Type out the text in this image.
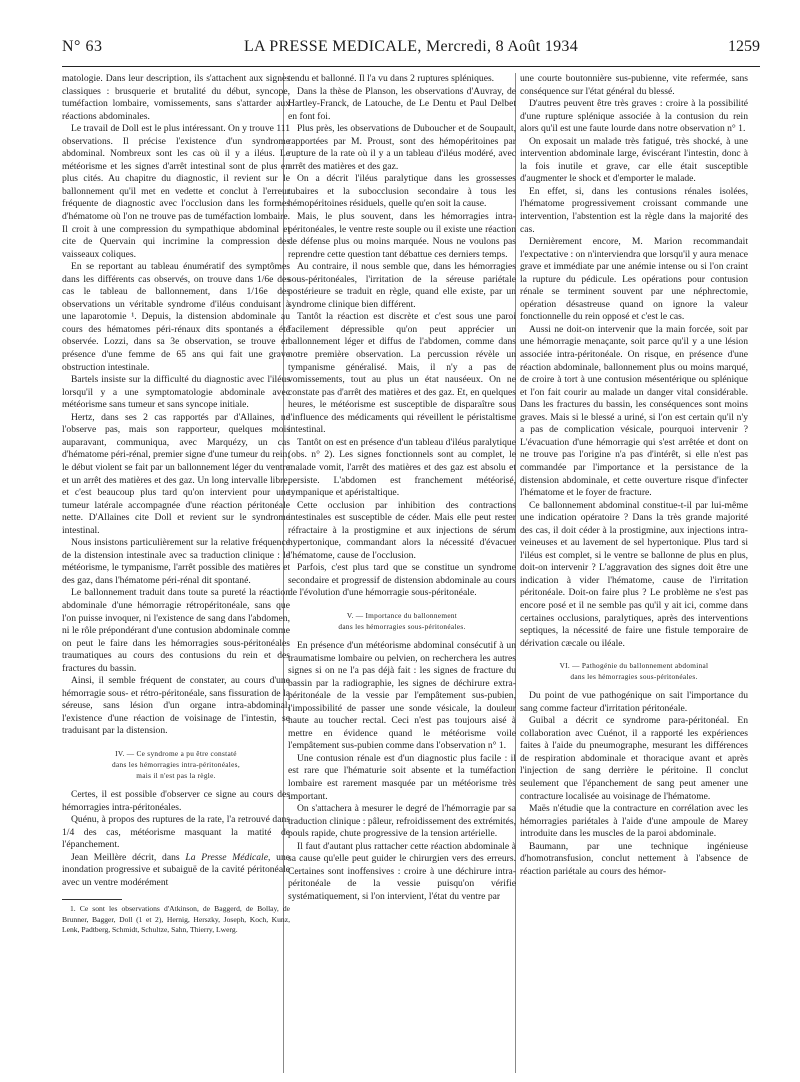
N° 63	LA PRESSE MEDICALE, Mercredi, 8 Août 1934	1259

matologie. Dans leur description, ils s'attachent aux signes classiques : brusquerie et brutalité du début, syncope, tuméfaction lombaire, vomissements, sans s'attarder aux réactions abdominales.

Le travail de Doll est le plus intéressant. On y trouve 111 observations. Il précise l'existence d'un syndrome abdominal. Nombreux sont les cas où il y a iléus. Le météorisme et les signes d'arrêt intestinal sont de plus en plus cités. Au chapitre du diagnostic, il revient sur le ballonnement qu'il met en vedette et conclut à l'erreur fréquente de diagnostic avec l'occlusion dans les formes d'hématome où l'on ne trouve pas de tuméfaction lombaire. Il croit à une compression du sympathique abdominal et cite de Quervain qui incrimine la compression des vaisseaux coliques.

En se reportant au tableau énumératif des symptômes dans les différents cas observés, on trouve dans 1/6e des cas le tableau de ballonnement, dans 1/16e des observations un véritable syndrome d'iléus conduisant à une laparotomie ¹. Depuis, la distension abdominale au cours des hématomes péri-rénaux dits spontanés a été observée. Lozzi, dans sa 3e observation, se trouve en présence d'une femme de 65 ans qui fait une grave obstruction intestinale.

Bartels insiste sur la difficulté du diagnostic avec l'iléus lorsqu'il y a une symptomatologie abdominale avec météorisme sans tumeur et sans syncope initiale.

Hertz, dans ses 2 cas rapportés par d'Allaines, ne l'observe pas, mais son rapporteur, quelques mois auparavant, communiqua, avec Marquézy, un cas d'hématome péri-rénal, premier signe d'une tumeur du rein; le début violent se fait par un ballonnement léger du ventre et un arrêt des matières et des gaz. Un long intervalle libre, et c'est beaucoup plus tard qu'on intervient pour une tumeur latérale accompagnée d'une réaction péritonéale nette. D'Allaines cite Doll et revient sur le syndrome intestinal.

Nous insistons particulièrement sur la relative fréquence de la distension intestinale avec sa traduction clinique : le météorisme, le tympanisme, l'arrêt possible des matières et des gaz, dans l'hématome péri-rénal dit spontané.

Le ballonnement traduit dans toute sa pureté la réaction abdominale d'une hémorragie rétropéritonéale, sans que l'on puisse invoquer, ni l'existence de sang dans l'abdomen, ni le rôle prépondérant d'une contusion abdominale comme on peut le faire dans les hémorragies sous-péritonéales traumatiques au cours des contusions du rein et des fractures du bassin.

Ainsi, il semble fréquent de constater, au cours d'une hémorragie sous- et rétro-péritonéale, sans fissuration de la séreuse, sans lésion d'un organe intra-abdominal, l'existence d'une réaction de voisinage de l'intestin, se traduisant par la distension.

IV. — Ce syndrome a pu être constaté
dans les hémorragies intra-péritonéales,
mais il n'est pas la règle.

Certes, il est possible d'observer ce signe au cours des hémorragies intra-péritonéales.

Quénu, à propos des ruptures de la rate, l'a retrouvé dans 1/4 des cas, météorisme masquant la matité de l'épanchement.

Jean Meillère décrit, dans La Presse Médicale, une inondation progressive et subaiguë de la cavité péritonéale avec un ventre modérément

1. Ce sont les observations d'Atkinson, de Baggerd, de Bollay, de Brunner, Bagger, Doll (1 et 2), Hernig, Herszky, Joseph, Koch, Kunz, Lenk, Padtberg, Schmidt, Schultze, Sahn, Thierry, Lwerg.

tendu et ballonné. Il l'a vu dans 2 ruptures spléniques.

Dans la thèse de Planson, les observations d'Auvray, de Hartley-Franck, de Latouche, de Le Dentu et Paul Delbet en font foi.

Plus près, les observations de Duboucher et de Soupault, rapportées par M. Proust, sont des hémopéritoines par rupture de la rate où il y a un tableau d'iléus modéré, avec arrêt des matières et des gaz.

On a décrit l'iléus paralytique dans les grossesses tubaires et la subocclusion secondaire à tous les hémopéritoines résiduels, quelle qu'en soit la cause.

Mais, le plus souvent, dans les hémorragies intra-péritonéales, le ventre reste souple ou il existe une réaction de défense plus ou moins marquée. Nous ne voulons pas reprendre cette question tant débattue ces derniers temps.

Au contraire, il nous semble que, dans les hémorragies sous-péritonéales, l'irritation de la séreuse pariétale postérieure se traduit en règle, quand elle existe, par un syndrome clinique bien différent.

Tantôt la réaction est discrète et c'est sous une paroi facilement dépressible qu'on peut apprécier un ballonnement léger et diffus de l'abdomen, comme dans notre première observation. La percussion révèle un tympanisme généralisé. Mais, il n'y a pas de vomissements, tout au plus un état nauséeux. On ne constate pas d'arrêt des matières et des gaz. Et, en quelques heures, le météorisme est susceptible de disparaître sous l'influence des médicaments qui réveillent le péristaltisme intestinal.

Tantôt on est en présence d'un tableau d'iléus paralytique (obs. n° 2). Les signes fonctionnels sont au complet, le malade vomit, l'arrêt des matières et des gaz est absolu et persiste. L'abdomen est franchement météorisé, tympanique et apéristaltique.

Cette occlusion par inhibition des contractions intestinales est susceptible de céder. Mais elle peut rester réfractaire à la prostigmine et aux injections de sérum hypertonique, commandant alors la nécessité d'évacuer l'hématome, cause de l'occlusion.

Parfois, c'est plus tard que se constitue un syndrome secondaire et progressif de distension abdominale au cours de l'évolution d'une hémorragie sous-péritonéale.

V. — Importance du ballonnement
dans les hémorragies sous-péritonéales.

En présence d'un météorisme abdominal consécutif à un traumatisme lombaire ou pelvien, on recherchera les autres signes si on ne l'a pas déjà fait : les signes de fracture du bassin par la radiographie, les signes de déchirure extra-péritonéale de la vessie par l'empâtement sus-pubien, l'impossibilité de passer une sonde vésicale, la douleur haute au toucher rectal. Ceci n'est pas toujours aisé à mettre en évidence quand le météorisme voile l'empâtement sus-pubien comme dans l'observation n° 1.

Une contusion rénale est d'un diagnostic plus facile : il est rare que l'hématurie soit absente et la tuméfaction lombaire est rarement masquée par un météorisme très important.

On s'attachera à mesurer le degré de l'hémorragie par sa traduction clinique : pâleur, refroidissement des extrémités, pouls rapide, chute progressive de la tension artérielle.

Il faut d'autant plus rattacher cette réaction abdominale à sa cause qu'elle peut guider le chirurgien vers des erreurs. Certaines sont inoffensives : croire à une déchirure intra-péritonéale de la vessie puisqu'on vérifie systématiquement, si l'on intervient, l'état du ventre par

une courte boutonnière sus-pubienne, vite refermée, sans conséquence sur l'état général du blessé.

D'autres peuvent être très graves : croire à la possibilité d'une rupture splénique associée à la contusion du rein alors qu'il est une faute lourde dans notre observation n° 1.

On exposait un malade très fatigué, très shocké, à une intervention abdominale large, éviscérant l'intestin, donc à la fois inutile et grave, car elle était susceptible d'augmenter le shock et d'emporter le malade.

En effet, si, dans les contusions rénales isolées, l'hématome progressivement croissant commande une intervention, l'abstention est la règle dans la majorité des cas.

Dernièrement encore, M. Marion recommandait l'expectative : on n'interviendra que lorsqu'il y aura menace grave et immédiate par une anémie intense ou si l'on craint la rupture du pédicule. Les opérations pour contusion rénale se terminent souvent par une néphrectomie, opération désastreuse quand on ignore la valeur fonctionnelle du rein opposé et c'est le cas.

Aussi ne doit-on intervenir que la main forcée, soit par une hémorragie menaçante, soit parce qu'il y a une lésion associée intra-péritonéale. On risque, en présence d'une réaction abdominale, ballonnement plus ou moins marqué, de croire à tort à une contusion mésentérique ou splénique et l'on fait courir au malade un danger vital considérable. Dans les fractures du bassin, les conséquences sont moins graves. Mais si le blessé a uriné, si l'on est certain qu'il n'y a pas de complication vésicale, pourquoi intervenir ? L'évacuation d'une hémorragie qui s'est arrêtée et dont on ne trouve pas l'origine n'a pas d'intérêt, si elle n'est pas commandée par l'importance et la persistance de la distension abdominale, et cette ouverture risque d'infecter l'hématome et le foyer de fracture.

Ce ballonnement abdominal constitue-t-il par lui-même une indication opératoire ? Dans la très grande majorité des cas, il doit céder à la prostigmine, aux injections intra-veineuses et au lavement de sel hypertonique. Plus tard si l'iléus est complet, si le ventre se ballonne de plus en plus, doit-on intervenir ? L'aggravation des signes doit être une indication à vider l'hématome, cause de l'irritation péritonéale. Doit-on faire plus ? Le problème ne s'est pas encore posé et il ne semble pas qu'il y ait ici, comme dans certaines occlusions, paralytiques, après des interventions septiques, la nécessité de faire une fistule temporaire de dérivation cæcale ou iléale.

VI. — Pathogénie du ballonnement abdominal
dans les hémorragies sous-péritonéales.

Du point de vue pathogénique on sait l'importance du sang comme facteur d'irritation péritonéale.

Guibal a décrit ce syndrome para-péritonéal. En collaboration avec Cuénot, il a rapporté les expériences faites à l'aide du pneumographe, mesurant les différences de respiration abdominale et thoracique avant et après l'injection de sang derrière le péritoine. Il conclut seulement que l'épanchement de sang peut amener une contracture localisée au voisinage de l'hématome.

Maës n'étudie que la contracture en corrélation avec les hémorragies pariétales à l'aide d'une ampoule de Marey introduite dans les muscles de la paroi abdominale.

Baumann, par une technique ingénieuse d'homotransfusion, conclut nettement à l'absence de réaction pariétale au cours des hémor-
